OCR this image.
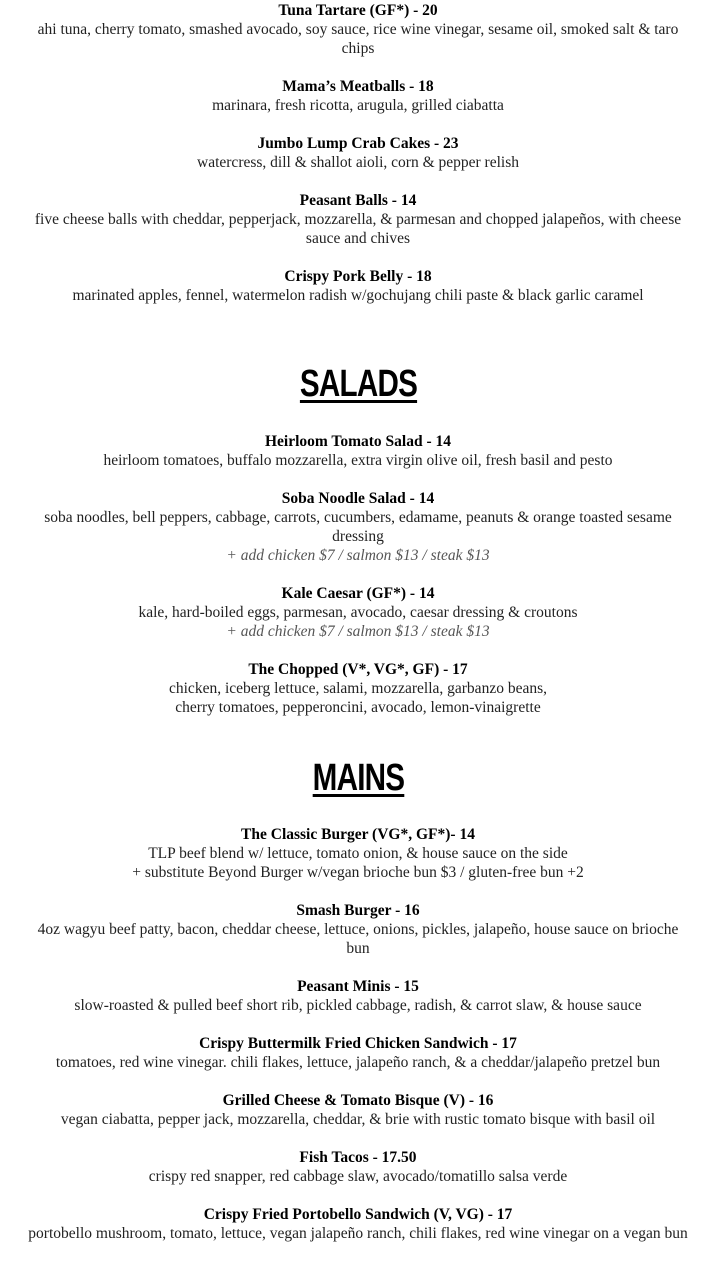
Tuna Tartare (GF*) - 20
ahi tuna, cherry tomato, smashed avocado, soy sauce, rice wine vinegar, sesame oil, smoked salt & taro chips
Mama’s Meatballs - 18
marinara, fresh ricotta, arugula, grilled ciabatta
Jumbo Lump Crab Cakes - 23
watercress, dill & shallot aioli, corn & pepper relish
Peasant Balls - 14
five cheese balls with cheddar, pepperjack, mozzarella, & parmesan and chopped jalapeños, with cheese sauce and chives
Crispy Pork Belly - 18
marinated apples, fennel, watermelon radish w/gochujang chili paste & black garlic caramel
SALADS
Heirloom Tomato Salad - 14
heirloom tomatoes, buffalo mozzarella, extra virgin olive oil, fresh basil and pesto
Soba Noodle Salad - 14
soba noodles, bell peppers, cabbage, carrots, cucumbers, edamame, peanuts & orange toasted sesame dressing
+ add chicken $7 / salmon $13 / steak $13
Kale Caesar (GF*) - 14
kale, hard-boiled eggs, parmesan, avocado, caesar dressing & croutons
+ add chicken $7 / salmon $13 / steak $13
The Chopped (V*, VG*, GF) - 17
chicken, iceberg lettuce, salami, mozzarella, garbanzo beans,
cherry tomatoes, pepperoncini, avocado, lemon-vinaigrette
MAINS
The Classic Burger (VG*, GF*)- 14
TLP beef blend w/ lettuce, tomato onion, & house sauce on the side
+ substitute Beyond Burger w/vegan brioche bun $3 / gluten-free bun +2
Smash Burger - 16
4oz wagyu beef patty, bacon, cheddar cheese, lettuce, onions, pickles, jalapeño, house sauce on brioche bun
Peasant Minis - 15
slow-roasted & pulled beef short rib, pickled cabbage, radish, & carrot slaw, & house sauce
Crispy Buttermilk Fried Chicken Sandwich - 17
tomatoes, red wine vinegar. chili flakes, lettuce, jalapeño ranch, & a cheddar/jalapeño pretzel bun
Grilled Cheese & Tomato Bisque (V) - 16
vegan ciabatta, pepper jack, mozzarella, cheddar, & brie with rustic tomato bisque with basil oil
Fish Tacos - 17.50
crispy red snapper, red cabbage slaw, avocado/tomatillo salsa verde
Crispy Fried Portobello Sandwich (V, VG) - 17
portobello mushroom, tomato, lettuce, vegan jalapeño ranch, chili flakes, red wine vinegar on a vegan bun
